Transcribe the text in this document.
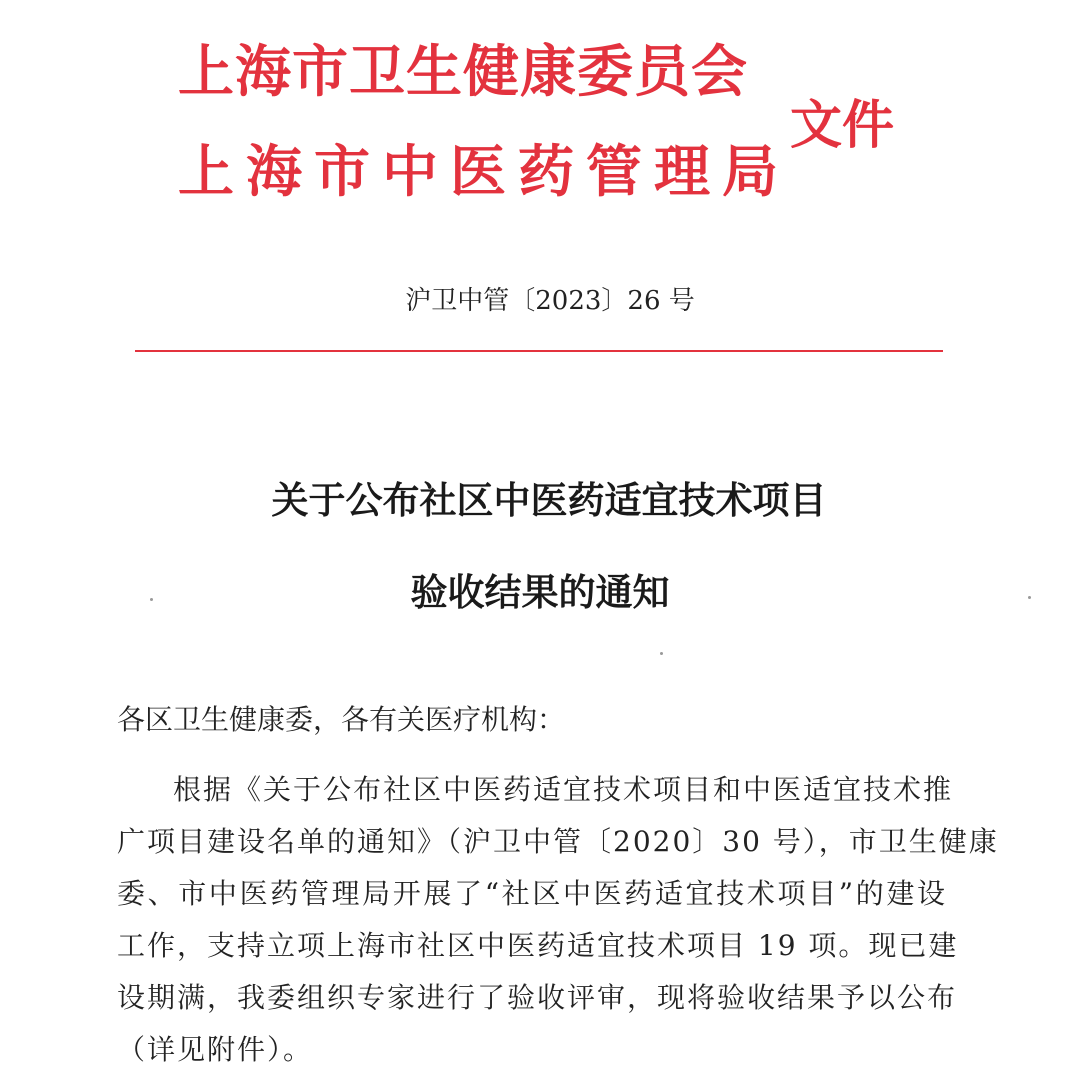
上海市卫生健康委员会
上海市中医药管理局
文件
沪卫中管〔2023〕26 号
关于公布社区中医药适宜技术项目
验收结果的通知
各区卫生健康委，各有关医疗机构：
根据《关于公布社区中医药适宜技术项目和中医适宜技术推
广项目建设名单的通知》（沪卫中管〔2020〕30 号），市卫生健康
委、市中医药管理局开展了“社区中医药适宜技术项目”的建设
工作，支持立项上海市社区中医药适宜技术项目 19 项。现已建
设期满，我委组织专家进行了验收评审，现将验收结果予以公布
（详见附件）。
